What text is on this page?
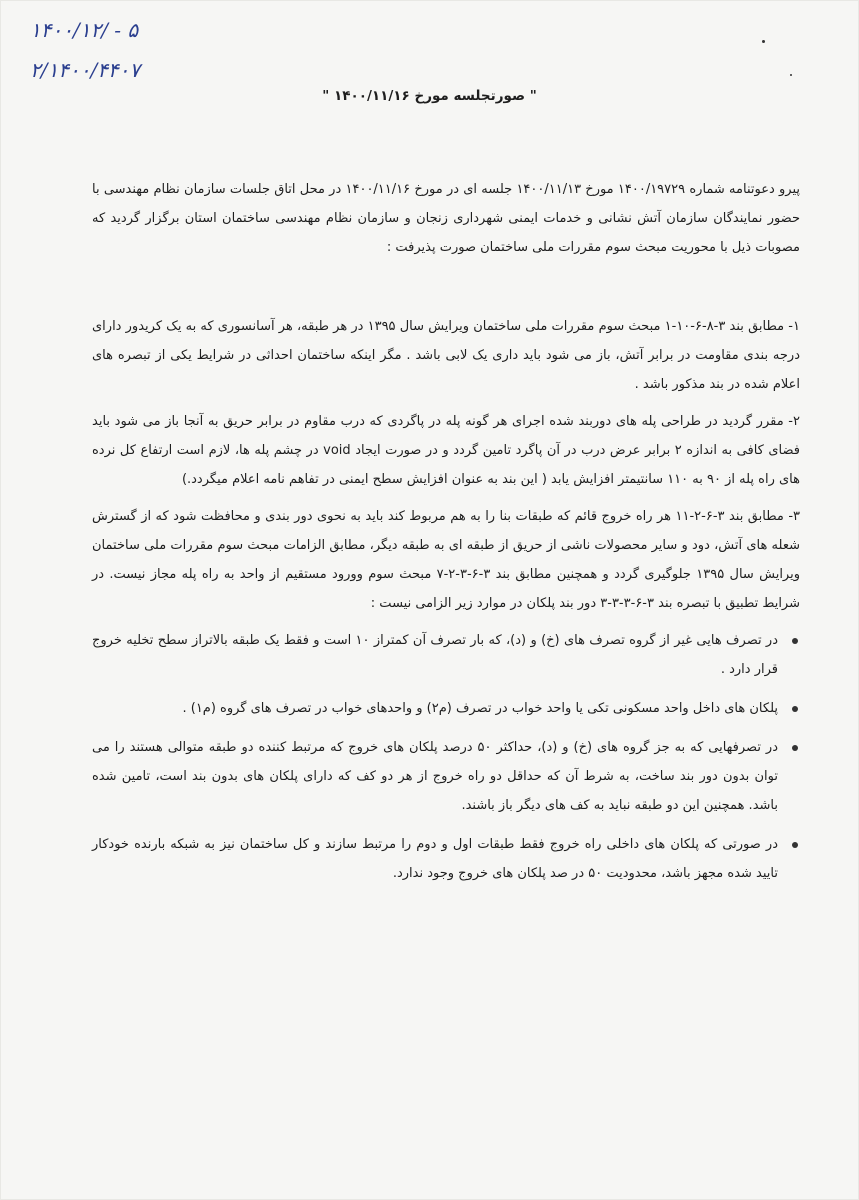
۱۴۰۰/۱۲/ - ۵
۲/۱۴۰۰/۴۴۰۷
" صورتجلسه مورخ ۱۴۰۰/۱۱/۱۶ "
پیرو دعوتنامه شماره ۱۴۰۰/۱۹۷۲۹ مورخ ۱۴۰۰/۱۱/۱۳ جلسه ای در مورخ ۱۴۰۰/۱۱/۱۶ در محل اتاق جلسات سازمان نظام مهندسی با حضور نمایندگان سازمان آتش نشانی و خدمات ایمنی شهرداری زنجان و سازمان نظام مهندسی ساختمان استان برگزار گردید که مصوبات ذیل با محوریت مبحث سوم مقررات ملی ساختمان صورت پذیرفت :

۱- مطابق بند ۳-۸-۶-۱۰-۱ مبحث سوم مقررات ملی ساختمان ویرایش سال ۱۳۹۵ در هر طبقه، هر آسانسوری که به یک کریدور دارای درجه بندی مقاومت در برابر آتش، باز می شود باید داری یک لابی باشد . مگر اینکه ساختمان احداثی در شرایط یکی از تبصره های اعلام شده در بند مذکور باشد .

۲- مقرر گردید در طراحی پله های دوربند شده اجرای هر گونه پله در پاگردی که درب مقاوم در برابر حریق به آنجا باز می شود باید فضای کافی به اندازه ۲ برابر عرض درب در آن پاگرد تامین گردد و در صورت ایجاد void در چشم پله ها، لازم است ارتفاع کل نرده های راه پله از ۹۰ به ۱۱۰ سانتیمتر افزایش یابد ( این بند به عنوان افزایش سطح ایمنی در تفاهم نامه اعلام میگردد.)

۳- مطابق بند ۳-۶-۲-۱۱ هر راه خروج قائم که طبقات بنا را به هم مربوط کند باید به نحوی دور بندی و محافظت شود که از گسترش شعله های آتش، دود و سایر محصولات ناشی از حریق از طبقه ای به طبقه دیگر، مطابق الزامات مبحث سوم مقررات ملی ساختمان ویرایش سال ۱۳۹۵ جلوگیری گردد و همچنین مطابق بند ۳-۶-۳-۲-۷ مبحث سوم وورود مستقیم از واحد به راه پله مجاز نیست. در شرایط تطبیق با تبصره بند ۳-۶-۳-۳-۳ دور بند پلکان در موارد زیر الزامی نیست :

در تصرف هایی غیر از گروه تصرف های (خ) و (د)، که بار تصرف آن کمتراز ۱۰ است و فقط یک طبقه بالاتراز سطح تخلیه خروج قرار دارد .
پلکان های داخل واحد مسکونی تکی یا واحد خواب در تصرف (م۲) و واحدهای خواب در تصرف های گروه (م۱) .
در تصرفهایی که به جز گروه های (خ) و (د)، حداکثر ۵۰ درصد پلکان های خروج که مرتبط کننده دو طبقه متوالی هستند را می توان بدون دور بند ساخت، به شرط آن که حداقل دو راه خروج از هر دو کف که دارای پلکان های بدون بند است، تامین شده باشد. همچنین این دو طبقه نباید به کف های دیگر باز باشند.
در صورتی که پلکان های داخلی راه خروج فقط طبقات اول و دوم را مرتبط سازند و کل ساختمان نیز به شبکه بارنده خودکار تایید شده مجهز باشد، محدودیت ۵۰ در صد پلکان های خروج وجود ندارد.
